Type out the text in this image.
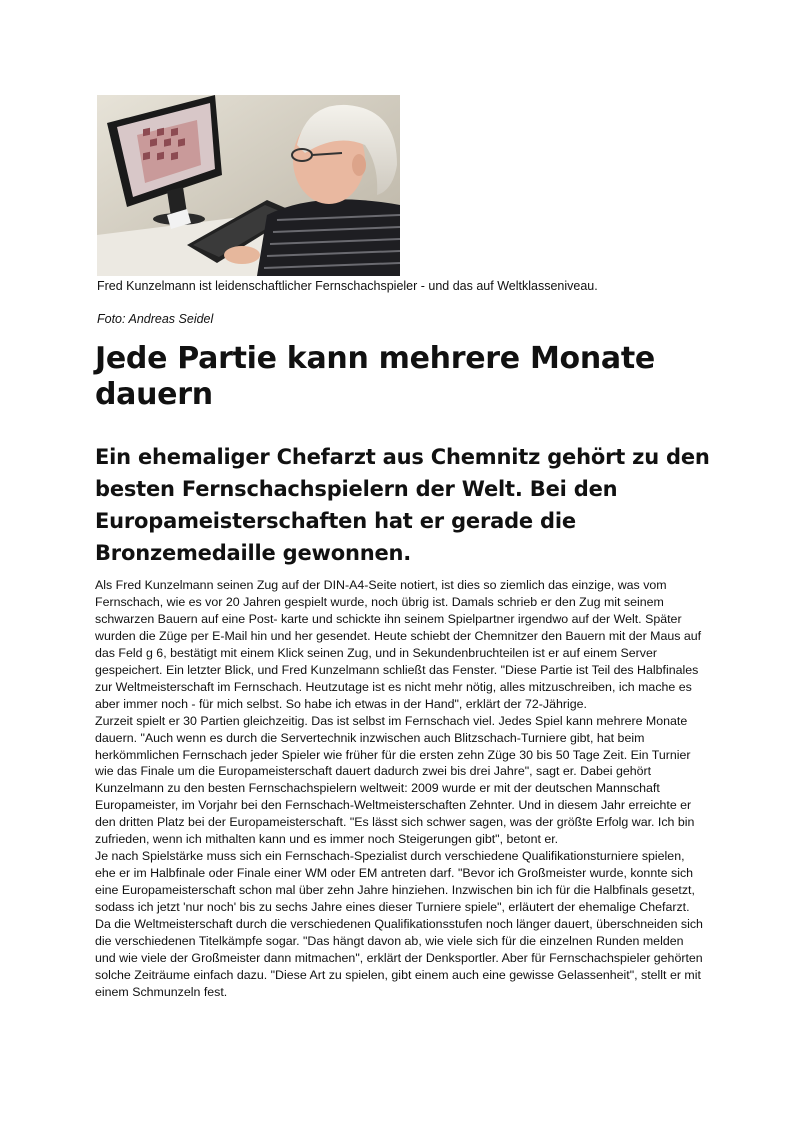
Fred Kunzelmann ist leidenschaftlicher Fernschachspieler - und das auf Weltklasseniveau.
Foto: Andreas Seidel
Jede Partie kann mehrere Monate dauern
Ein ehemaliger Chefarzt aus Chemnitz gehört zu den besten Fernschachspielern der Welt. Bei den Europameisterschaften hat er gerade die Bronzemedaille gewonnen.

Als Fred Kunzelmann seinen Zug auf der DIN-A4-Seite notiert, ist dies so ziemlich das einzige, was vom Fernschach, wie es vor 20 Jahren gespielt wurde, noch übrig ist. Damals schrieb er den Zug mit seinem schwarzen Bauern auf eine Post- karte und schickte ihn seinem Spielpartner irgendwo auf der Welt. Später wurden die Züge per E-Mail hin und her gesendet. Heute schiebt der Chemnitzer den Bauern mit der Maus auf das Feld g 6, bestätigt mit einem Klick seinen Zug, und in Sekundenbruchteilen ist er auf einem Server gespeichert. Ein letzter Blick, und Fred Kunzelmann schließt das Fenster. "Diese Partie ist Teil des Halbfinales zur Weltmeisterschaft im Fernschach. Heutzutage ist es nicht mehr nötig, alles mitzuschreiben, ich mache es aber immer noch - für mich selbst. So habe ich etwas in der Hand", erklärt der 72-Jährige.

Zurzeit spielt er 30 Partien gleichzeitig. Das ist selbst im Fernschach viel. Jedes Spiel kann mehrere Monate dauern. "Auch wenn es durch die Servertechnik inzwischen auch Blitzschach-Turniere gibt, hat beim herkömmlichen Fernschach jeder Spieler wie früher für die ersten zehn Züge 30 bis 50 Tage Zeit. Ein Turnier wie das Finale um die Europameisterschaft dauert dadurch zwei bis drei Jahre", sagt er. Dabei gehört Kunzelmann zu den besten Fernschachspielern weltweit: 2009 wurde er mit der deutschen Mannschaft Europameister, im Vorjahr bei den Fernschach-Weltmeisterschaften Zehnter. Und in diesem Jahr erreichte er den dritten Platz bei der Europameisterschaft. "Es lässt sich schwer sagen, was der größte Erfolg war. Ich bin zufrieden, wenn ich mithalten kann und es immer noch Steigerungen gibt", betont er.

Je nach Spielstärke muss sich ein Fernschach-Spezialist durch verschiedene Qualifikationsturniere spielen, ehe er im Halbfinale oder Finale einer WM oder EM antreten darf. "Bevor ich Großmeister wurde, konnte sich eine Europameisterschaft schon mal über zehn Jahre hinziehen. Inzwischen bin ich für die Halbfinals gesetzt, sodass ich jetzt 'nur noch' bis zu sechs Jahre eines dieser Turniere spiele", erläutert der ehemalige Chefarzt.

Da die Weltmeisterschaft durch die verschiedenen Qualifikationsstufen noch länger dauert, überschneiden sich die verschiedenen Titelkämpfe sogar. "Das hängt davon ab, wie viele sich für die einzelnen Runden melden und wie viele der Großmeister dann mitmachen", erklärt der Denksportler. Aber für Fernschachspieler gehörten solche Zeiträume einfach dazu. "Diese Art zu spielen, gibt einem auch eine gewisse Gelassenheit", stellt er mit einem Schmunzeln fest.
